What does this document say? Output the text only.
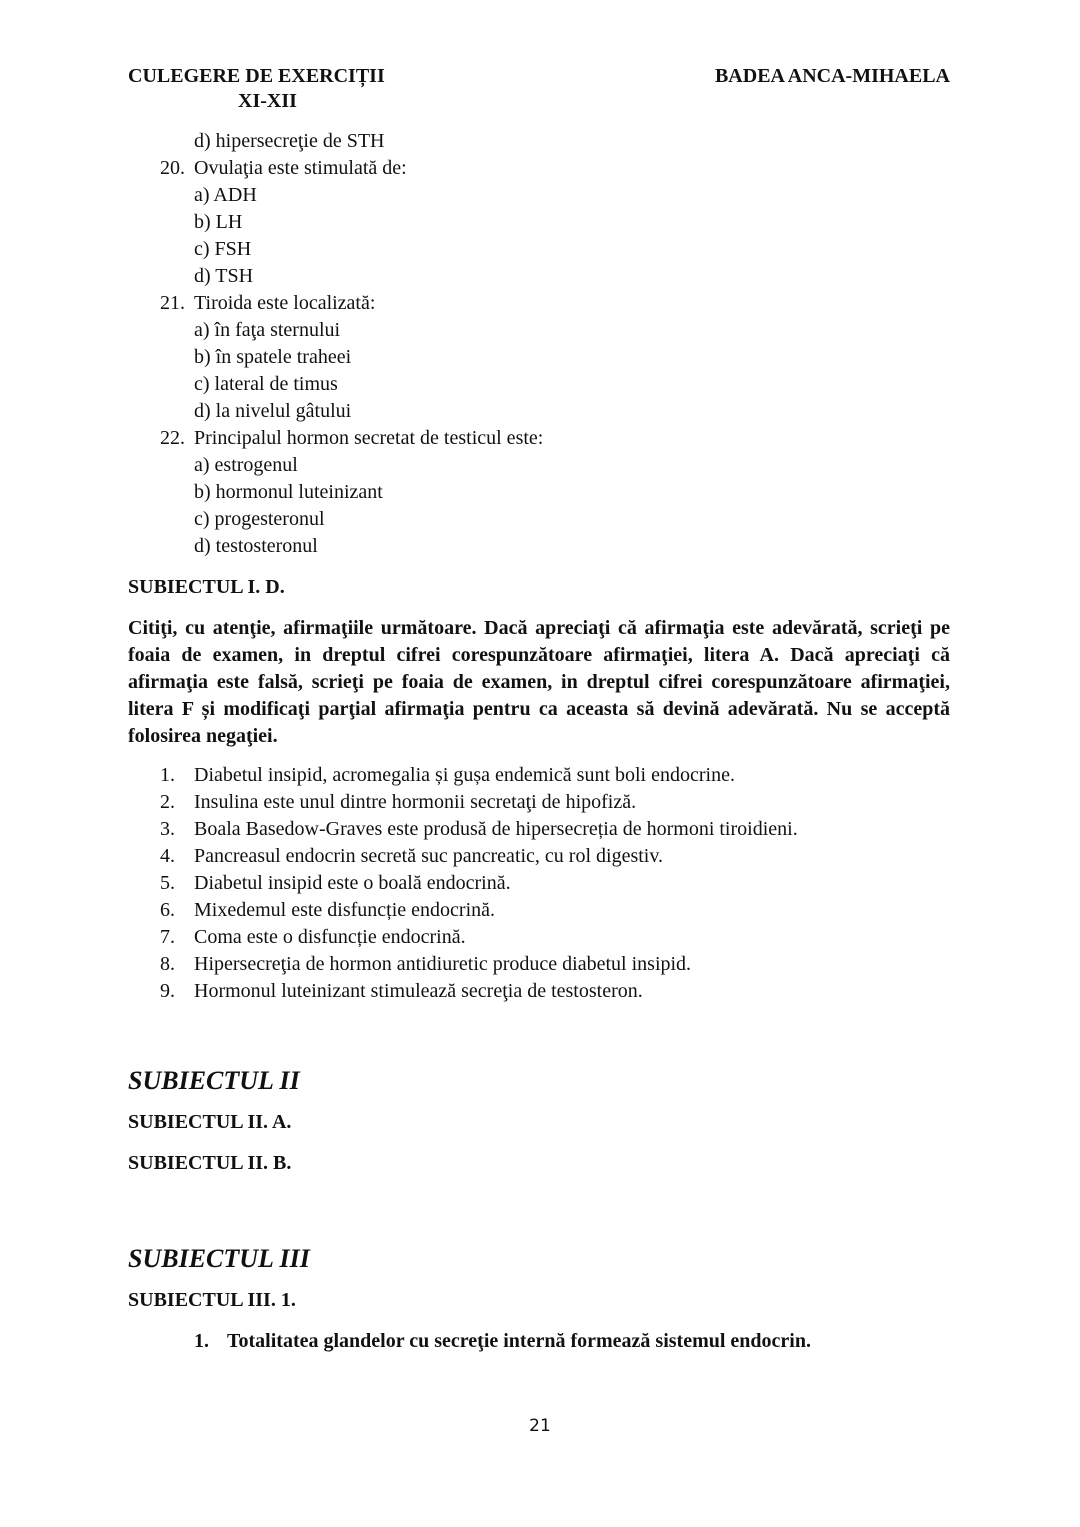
CULEGERE DE EXERCIȚII
XI-XII
BADEA ANCA-MIHAELA
d) hipersecreţie de STH
20. Ovulaţia este stimulată de:
a) ADH
b) LH
c) FSH
d) TSH
21. Tiroida este localizată:
a) în faţa sternului
b) în spatele traheei
c) lateral de timus
d) la nivelul gâtului
22. Principalul hormon secretat de testicul este:
a) estrogenul
b) hormonul luteinizant
c) progesteronul
d) testosteronul
SUBIECTUL I. D.
Citiţi, cu atenţie, afirmaţiile următoare. Dacă apreciaţi că afirmaţia este adevărată, scrieţi pe foaia de examen, in dreptul cifrei corespunzătoare afirmaţiei, litera A. Dacă apreciaţi că afirmaţia este falsă, scrieţi pe foaia de examen, in dreptul cifrei corespunzătoare afirmaţiei, litera F și modificaţi parţial afirmaţia pentru ca aceasta să devină adevărată. Nu se acceptă folosirea negaţiei.
1. Diabetul insipid, acromegalia și gușa endemică sunt boli endocrine.
2. Insulina este unul dintre hormonii secretaţi de hipofiză.
3. Boala Basedow-Graves este produsă de hipersecreția de hormoni tiroidieni.
4. Pancreasul endocrin secretă suc pancreatic, cu rol digestiv.
5. Diabetul insipid este o boală endocrină.
6. Mixedemul este disfuncție endocrină.
7. Coma este o disfuncție endocrină.
8. Hipersecreţia de hormon antidiuretic produce diabetul insipid.
9. Hormonul luteinizant stimulează secreţia de testosteron.
SUBIECTUL II
SUBIECTUL II. A.
SUBIECTUL II. B.
SUBIECTUL III
SUBIECTUL III. 1.
1. Totalitatea glandelor cu secreţie internă formează sistemul endocrin.
21
